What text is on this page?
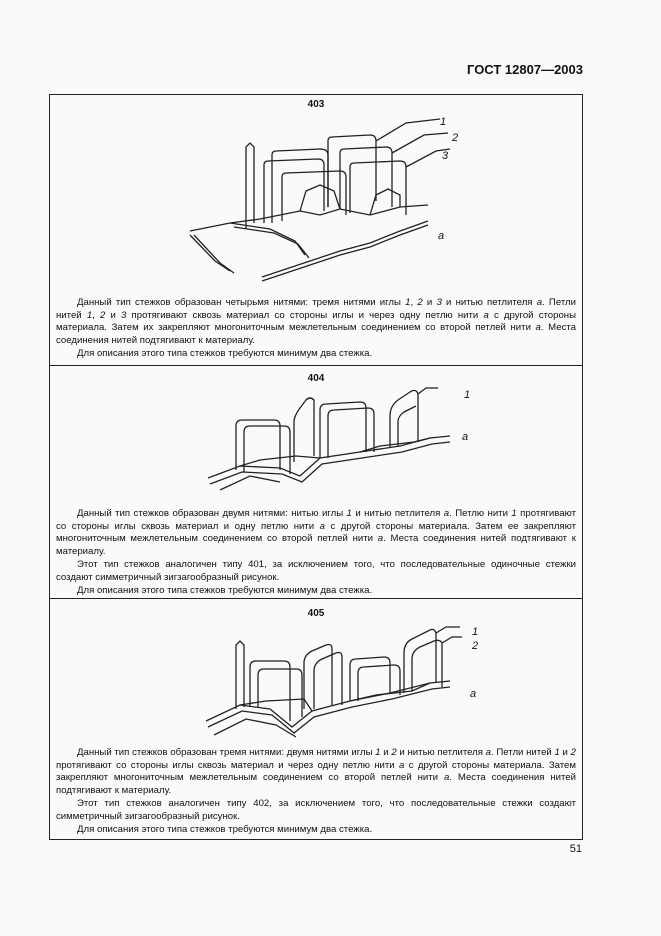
ГОСТ 12807—2003
403
1
2
3
a

Данный тип стежков образован четырьмя нитями: тремя нитями иглы 1, 2 и 3 и нитью петлителя a. Петли нитей 1, 2 и 3 протягивают сквозь материал со стороны иглы и через одну петлю нити a с другой стороны материала. Затем их закрепляют многониточным межлетельным соединением со второй петлей нити a. Места соединения нитей подтягивают к материалу.

Для описания этого типа стежков требуются минимум два стежка.

404
1
a

Данный тип стежков образован двумя нитями: нитью иглы 1 и нитью петлителя a. Петлю нити 1 протягивают со стороны иглы сквозь материал и одну петлю нити a с другой стороны материала. Затем ее закрепляют многониточным межлетельным соединением со второй петлей нити a. Места соединения нитей подтягивают к материалу.

Этот тип стежков аналогичен типу 401, за исключением того, что последовательные одиночные стежки создают симметричный зигзагообразный рисунок.

Для описания этого типа стежков требуются минимум два стежка.

405
1
2
a

Данный тип стежков образован тремя нитями: двумя нитями иглы 1 и 2 и нитью петлителя a. Петли нитей 1 и 2 протягивают со стороны иглы сквозь материал и через одну петлю нити a с другой стороны материала. Затем закрепляют многониточным межлетельным соединением со второй петлей нити a. Места соединения нитей подтягивают к материалу.

Этот тип стежков аналогичен типу 402, за исключением того, что последовательные стежки создают симметричный зигзагообразный рисунок.

Для описания этого типа стежков требуются минимум два стежка.

51
